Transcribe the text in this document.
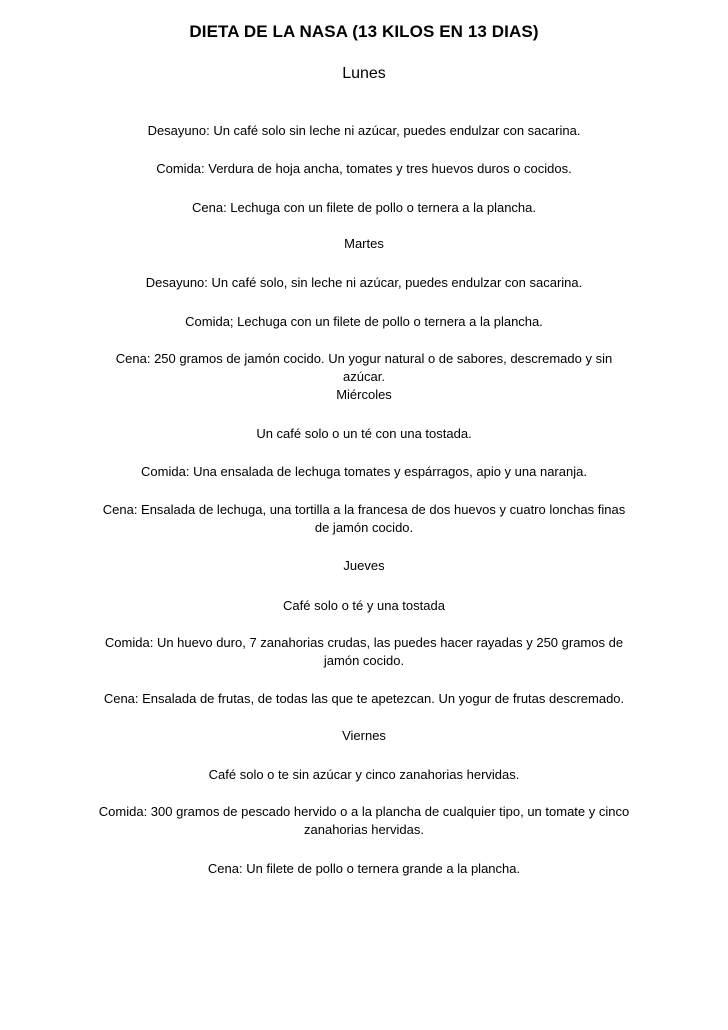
DIETA DE LA NASA (13 KILOS EN 13 DIAS)
Lunes
Desayuno: Un café solo sin leche ni azúcar, puedes endulzar con sacarina.
Comida: Verdura de hoja ancha, tomates y tres huevos duros o cocidos.
Cena: Lechuga con un filete de pollo o ternera a la plancha.
Martes
Desayuno: Un café solo, sin leche ni azúcar, puedes endulzar con sacarina.
Comida; Lechuga con un filete de pollo o ternera a la plancha.
Cena: 250 gramos de jamón cocido. Un yogur natural o de sabores, descremado y sin azúcar.
Miércoles
Un café solo o un té con una tostada.
Comida: Una ensalada de lechuga tomates y espárragos, apio y una naranja.
Cena: Ensalada de lechuga, una tortilla a la francesa de dos huevos y cuatro lonchas finas de jamón cocido.
Jueves
Café solo o té y una tostada
Comida: Un huevo duro, 7 zanahorias crudas, las puedes hacer rayadas y 250 gramos de jamón cocido.
Cena: Ensalada de frutas, de todas las que te apetezcan. Un yogur de frutas descremado.
Viernes
Café solo o te sin azúcar y cinco zanahorias hervidas.
Comida: 300 gramos de pescado hervido o a la plancha de cualquier tipo, un tomate y cinco zanahorias hervidas.
Cena: Un filete de pollo o ternera grande a la plancha.
